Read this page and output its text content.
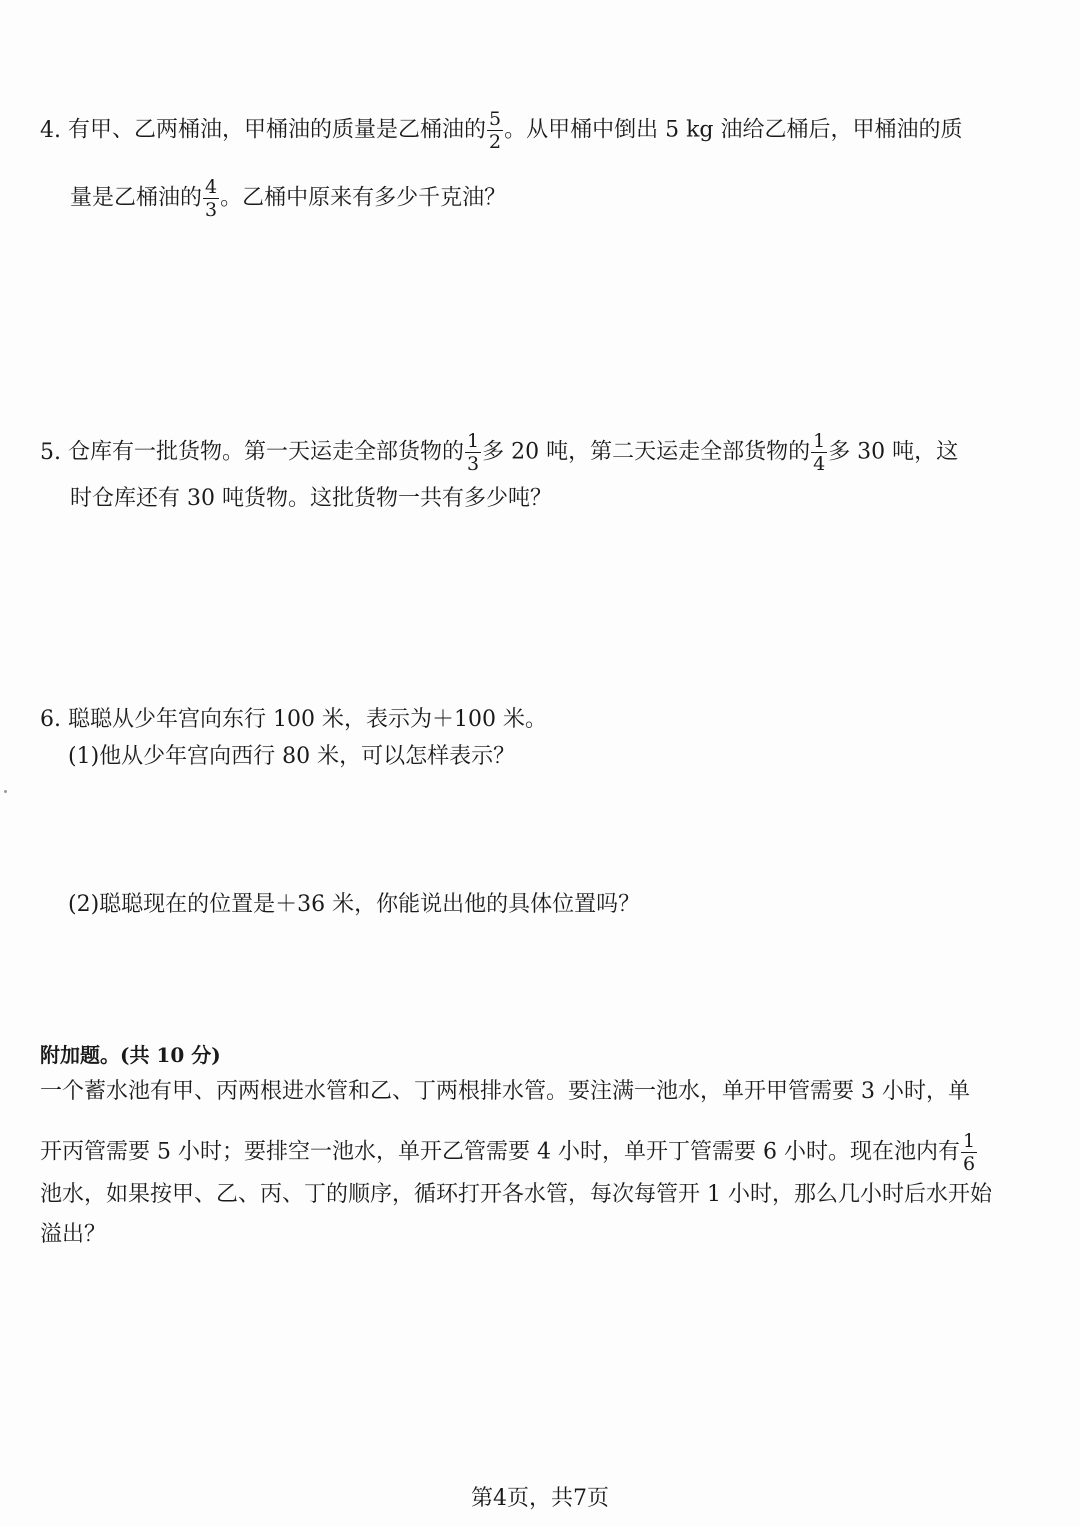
4. 有甲、乙两桶油，甲桶油的质量是乙桶油的 $\frac{5}{2}$ 。从甲桶中倒出 5 kg 油给乙桶后，甲桶油的质
量是乙桶油的 $\frac{4}{3}$ 。乙桶中原来有多少千克油？
5. 仓库有一批货物。第一天运走全部货物的 $\frac{1}{3}$ 多 20 吨，第二天运走全部货物的 $\frac{1}{4}$ 多 30 吨，这
时仓库还有 30 吨货物。这批货物一共有多少吨？
6. 聪聪从少年宫向东行 100 米，表示为＋100 米。
(1)他从少年宫向西行 80 米，可以怎样表示？
(2)聪聪现在的位置是＋36 米，你能说出他的具体位置吗？
附加题。(共 10 分)
一个蓄水池有甲、丙两根进水管和乙、丁两根排水管。要注满一池水，单开甲管需要 3 小时，单
开丙管需要 5 小时；要排空一池水，单开乙管需要 4 小时，单开丁管需要 6 小时。现在池内有 $\frac{1}{6}$
池水，如果按甲、乙、丙、丁的顺序，循环打开各水管，每次每管开 1 小时，那么几小时后水开始
溢出？
第4页，共7页
